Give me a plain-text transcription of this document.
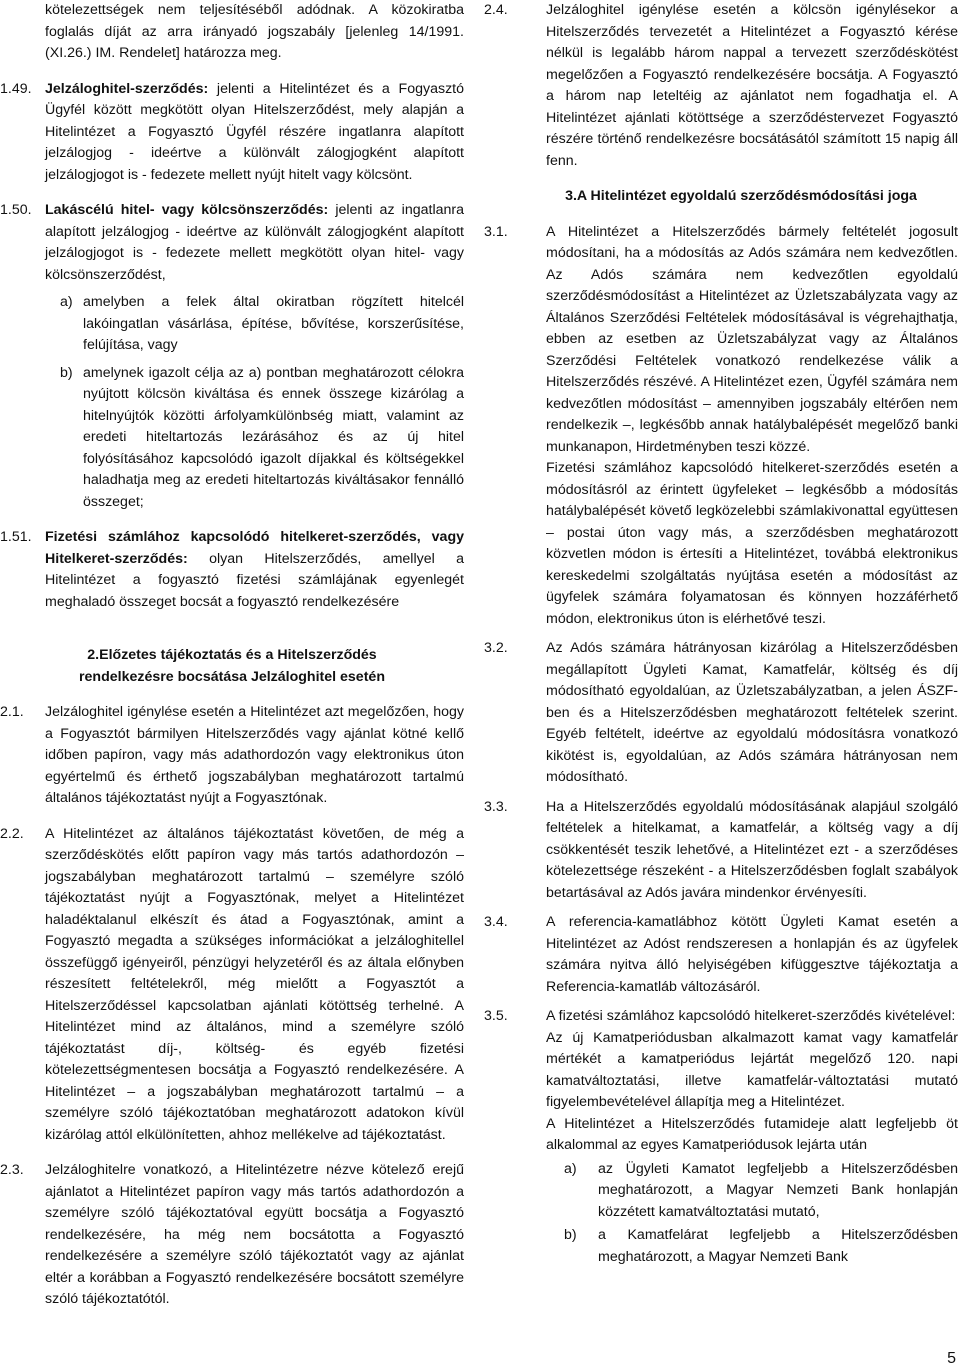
kötelezettségek nem teljesítéséből adódnak. A közokiratba foglalás díját az arra irányadó jogszabály [jelenleg 14/1991. (XI.26.) IM. Rendelet] határozza meg.
1.49. Jelzáloghitel-szerződés: jelenti a Hitelintézet és a Fogyasztó Ügyfél között megkötött olyan Hitelszerződést, mely alapján a Hitelintézet a Fogyasztó Ügyfél részére ingatlanra alapított jelzálogjog - ideértve a különvált zálogjogként alapított jelzálogjogot is - fedezete mellett nyújt hitelt vagy kölcsönt.
1.50. Lakáscélú hitel- vagy kölcsönszerződés: jelenti az ingatlanra alapított jelzálogjog - ideértve az különvált zálogjogként alapított jelzálogjogot is - fedezete mellett megkötött olyan hitel- vagy kölcsönszerződést,
a) amelyben a felek által okiratban rögzített hitelcél lakóingatlan vásárlása, építése, bővítése, korszerűsítése, felújítása, vagy
b) amelynek igazolt célja az a) pontban meghatározott célokra nyújtott kölcsön kiváltása és ennek összege kizárólag a hitelnyújtók közötti árfolyamkülönbség miatt, valamint az eredeti hiteltartozás lezárásához és az új hitel folyósításához kapcsolódó igazolt díjakkal és költségekkel haladhatja meg az eredeti hiteltartozás kiváltásakor fennálló összeget;
1.51. Fizetési számlához kapcsolódó hitelkeret-szerződés, vagy Hitelkeret-szerződés: olyan Hitelszerződés, amellyel a Hitelintézet a fogyasztó fizetési számlájának egyenlegét meghaladó összeget bocsát a fogyasztó rendelkezésére
2.Előzetes tájékoztatás és a Hitelszerződés
rendelkezésre bocsátása Jelzáloghitel esetén
2.1.	Jelzáloghitel igénylése esetén a Hitelintézet azt megelőzően, hogy a Fogyasztót bármilyen Hitelszerződés vagy ajánlat kötné kellő időben papíron, vagy más adathordozón vagy elektronikus úton egyértelmű és érthető jogszabályban meghatározott tartalmú általános tájékoztatást nyújt a Fogyasztónak.
2.2.	A Hitelintézet az általános tájékoztatást követően, de még a szerződéskötés előtt papíron vagy más tartós adathordozón – jogszabályban meghatározott tartalmú – személyre szóló tájékoztatást nyújt a Fogyasztónak, melyet a Hitelintézet haladéktalanul elkészít és átad a Fogyasztónak, amint a Fogyasztó megadta a szükséges információkat a jelzáloghitellel összefüggő igényeiről, pénzügyi helyzetéről és az általa előnyben részesített feltételekről, még mielőtt a Fogyasztót a Hitelszerződéssel kapcsolatban ajánlati kötöttség terhelné. A Hitelintézet mind az általános, mind a személyre szóló tájékoztatást díj-, költség- és egyéb fizetési kötelezettségmentesen bocsátja a Fogyasztó rendelkezésére. A Hitelintézet – a jogszabályban meghatározott tartalmú – a személyre szóló tájékoztatóban meghatározott adatokon kívül kizárólag attól elkülönítetten, ahhoz mellékelve ad tájékoztatást.
2.3.	Jelzáloghitelre vonatkozó, a Hitelintézetre nézve kötelező erejű ajánlatot a Hitelintézet papíron vagy más tartós adathordozón a személyre szóló tájékoztatóval együtt bocsátja a Fogyasztó rendelkezésére, ha még nem bocsátotta a Fogyasztó rendelkezésére a személyre szóló tájékoztatót vagy az ajánlat eltér a korábban a Fogyasztó rendelkezésére bocsátott személyre szóló tájékoztatótól.
2.4.	Jelzáloghitel igénylése esetén a kölcsön igénylésekor a Hitelszerződés tervezetét a Hitelintézet a Fogyasztó kérése nélkül is legalább három nappal a tervezett szerződéskötést megelőzően a Fogyasztó rendelkezésére bocsátja. A Fogyasztó a három nap leteltéig az ajánlatot nem fogadhatja el. A Hitelintézet ajánlati kötöttsége a szerződéstervezet Fogyasztó részére történő rendelkezésre bocsátásától számított 15 napig áll fenn.
3.A Hitelintézet egyoldalú szerződésmódosítási joga
3.1.	A Hitelintézet a Hitelszerződés bármely feltételét jogosult módosítani, ha a módosítás az Adós számára nem kedvezőtlen. Az Adós számára nem kedvezőtlen egyoldalú szerződésmódosítást a Hitelintézet az Üzletszabályzata vagy az Általános Szerződési Feltételek módosításával is végrehajthatja, ebben az esetben az Üzletszabályzat vagy az Általános Szerződési Feltételek vonatkozó rendelkezése válik a Hitelszerződés részévé. A Hitelintézet ezen, Ügyfél számára nem kedvezőtlen módosítást – amennyiben jogszabály eltérően nem rendelkezik –, legkésőbb annak hatálybalépését megelőző banki munkanapon, Hirdetményben teszi közzé.
Fizetési számlához kapcsolódó hitelkeret-szerződés esetén a módosításról az érintett ügyfeleket – legkésőbb a módosítás hatálybalépését követő legközelebbi számlakivonattal együttesen – postai úton vagy más, a szerződésben meghatározott közvetlen módon is értesíti a Hitelintézet, továbbá elektronikus kereskedelmi szolgáltatás nyújtása esetén a módosítást az ügyfelek számára folyamatosan és könnyen hozzáférhető módon, elektronikus úton is elérhetővé teszi.
3.2.	Az Adós számára hátrányosan kizárólag a Hitelszerződésben megállapított Ügyleti Kamat, Kamatfelár, költség és díj módosítható egyoldalúan, az Üzletszabályzatban, a jelen ÁSZF-ben és a Hitelszerződésben meghatározott feltételek szerint. Egyéb feltételt, ideértve az egyoldalú módosításra vonatkozó kikötést is, egyoldalúan, az Adós számára hátrányosan nem módosítható.
3.3.	Ha a Hitelszerződés egyoldalú módosításának alapjául szolgáló feltételek a hitelkamat, a kamatfelár, a költség vagy a díj csökkentését teszik lehetővé, a Hitelintézet ezt - a szerződéses kötelezettsége részeként - a Hitelszerződésben foglalt szabályok betartásával az Adós javára mindenkor érvényesíti.
3.4.	A referencia-kamatlábhoz kötött Ügyleti Kamat esetén a Hitelintézet az Adóst rendszeresen a honlapján és az ügyfelek számára nyitva álló helyiségében kifüggesztve tájékoztatja a Referencia-kamatláb változásáról.
3.5.	A fizetési számlához kapcsolódó hitelkeret-szerződés kivételével:
Az új Kamatperiódusban alkalmazott kamat vagy kamatfelár mértékét a kamatperiódus lejártát megelőző 120. napi kamatváltoztatási, illetve kamatfelár-változtatási mutató figyelembevételével állapítja meg a Hitelintézet.
A Hitelintézet a Hitelszerződés futamideje alatt legfeljebb öt alkalommal az egyes Kamatperiódusok lejárta után
a)	az Ügyleti Kamatot legfeljebb a Hitelszerződésben meghatározott, a Magyar Nemzeti Bank honlapján közzétett kamatváltoztatási mutató,
b)	a Kamatfelárat legfeljebb a Hitelszerződésben meghatározott, a Magyar Nemzeti Bank
5
